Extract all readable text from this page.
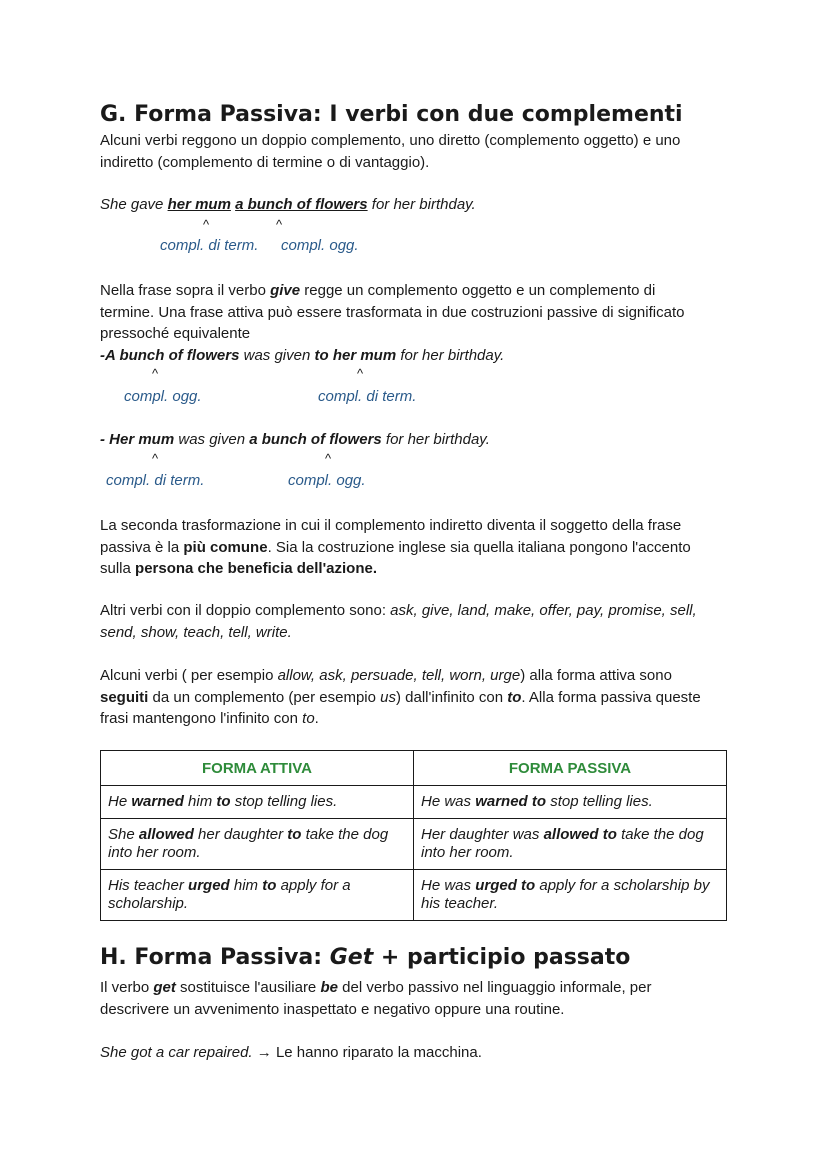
G. Forma Passiva: I verbi con due complementi
Alcuni verbi reggono un doppio complemento, uno diretto (complemento oggetto) e uno
indiretto (complemento di termine o di vantaggio).
She gave her mum a bunch of flowers for her birthday.
^	^
compl. di term. compl. ogg.
Nella frase sopra il verbo give regge un complemento oggetto e un complemento di
termine. Una frase attiva può essere trasformata in due costruzioni passive di significato
pressoché equivalente
-A bunch of flowers was given to her mum for her birthday.
^	^
compl. ogg.	compl. di term.
- Her mum was given a bunch of flowers for her birthday.
^	^
compl. di term.	compl. ogg.
La seconda trasformazione in cui il complemento indiretto diventa il soggetto della frase
passiva è la più comune. Sia la costruzione inglese sia quella italiana pongono l'accento
sulla persona che beneficia dell'azione.
Altri verbi con il doppio complemento sono: ask, give, land, make, offer, pay, promise, sell,
send, show, teach, tell, write.
Alcuni verbi ( per esempio allow, ask, persuade, tell, worn, urge) alla forma attiva sono
seguiti da un complemento (per esempio us) dall'infinito con to. Alla forma passiva queste
frasi mantengono l'infinito con to.
FORMA ATTIVA	FORMA PASSIVA
He warned him to stop telling lies.	He was warned to stop telling lies.
She allowed her daughter to take the dog into her room.	Her daughter was allowed to take the dog into her room.
His teacher urged him to apply for a scholarship.	He was urged to apply for a scholarship by his teacher.
H. Forma Passiva: Get + participio passato
Il verbo get sostituisce l'ausiliare be del verbo passivo nel linguaggio informale, per
descrivere un avvenimento inaspettato e negativo oppure una routine.
She got a car repaired. → Le hanno riparato la macchina.
